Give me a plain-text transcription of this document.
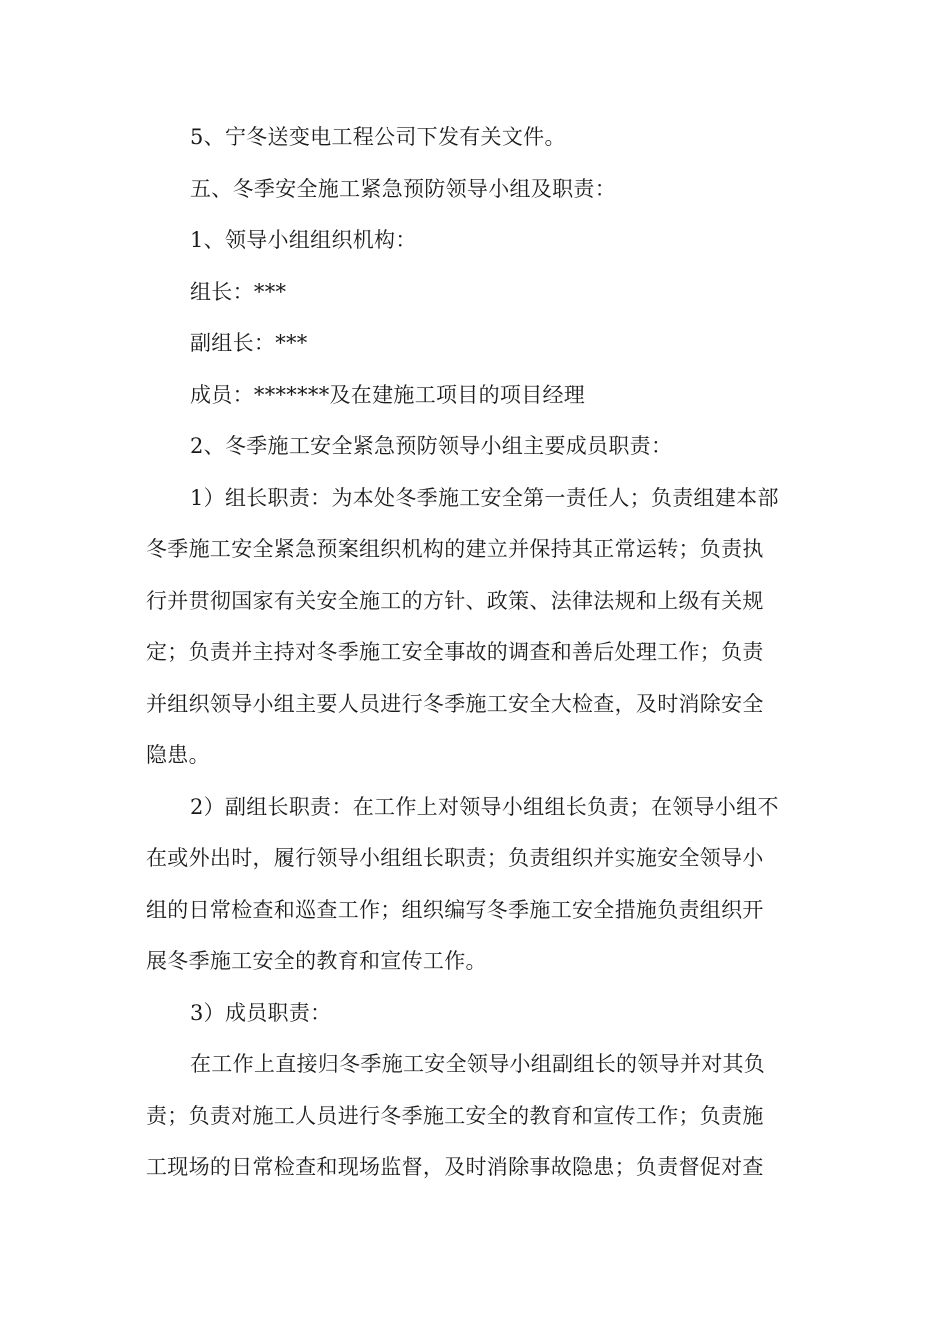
5、宁冬送变电工程公司下发有关文件。

五、冬季安全施工紧急预防领导小组及职责：

1、领导小组组织机构：

组长：***

副组长：***

成员：*******及在建施工项目的项目经理

2、冬季施工安全紧急预防领导小组主要成员职责：

1）组长职责：为本处冬季施工安全第一责任人；负责组建本部

冬季施工安全紧急预案组织机构的建立并保持其正常运转；负责执

行并贯彻国家有关安全施工的方针、政策、法律法规和上级有关规

定；负责并主持对冬季施工安全事故的调查和善后处理工作；负责

并组织领导小组主要人员进行冬季施工安全大检查，及时消除安全

隐患。

2）副组长职责：在工作上对领导小组组长负责；在领导小组不

在或外出时，履行领导小组组长职责；负责组织并实施安全领导小

组的日常检查和巡查工作；组织编写冬季施工安全措施负责组织开

展冬季施工安全的教育和宣传工作。

3）成员职责：

在工作上直接归冬季施工安全领导小组副组长的领导并对其负

责；负责对施工人员进行冬季施工安全的教育和宣传工作；负责施

工现场的日常检查和现场监督，及时消除事故隐患；负责督促对查
